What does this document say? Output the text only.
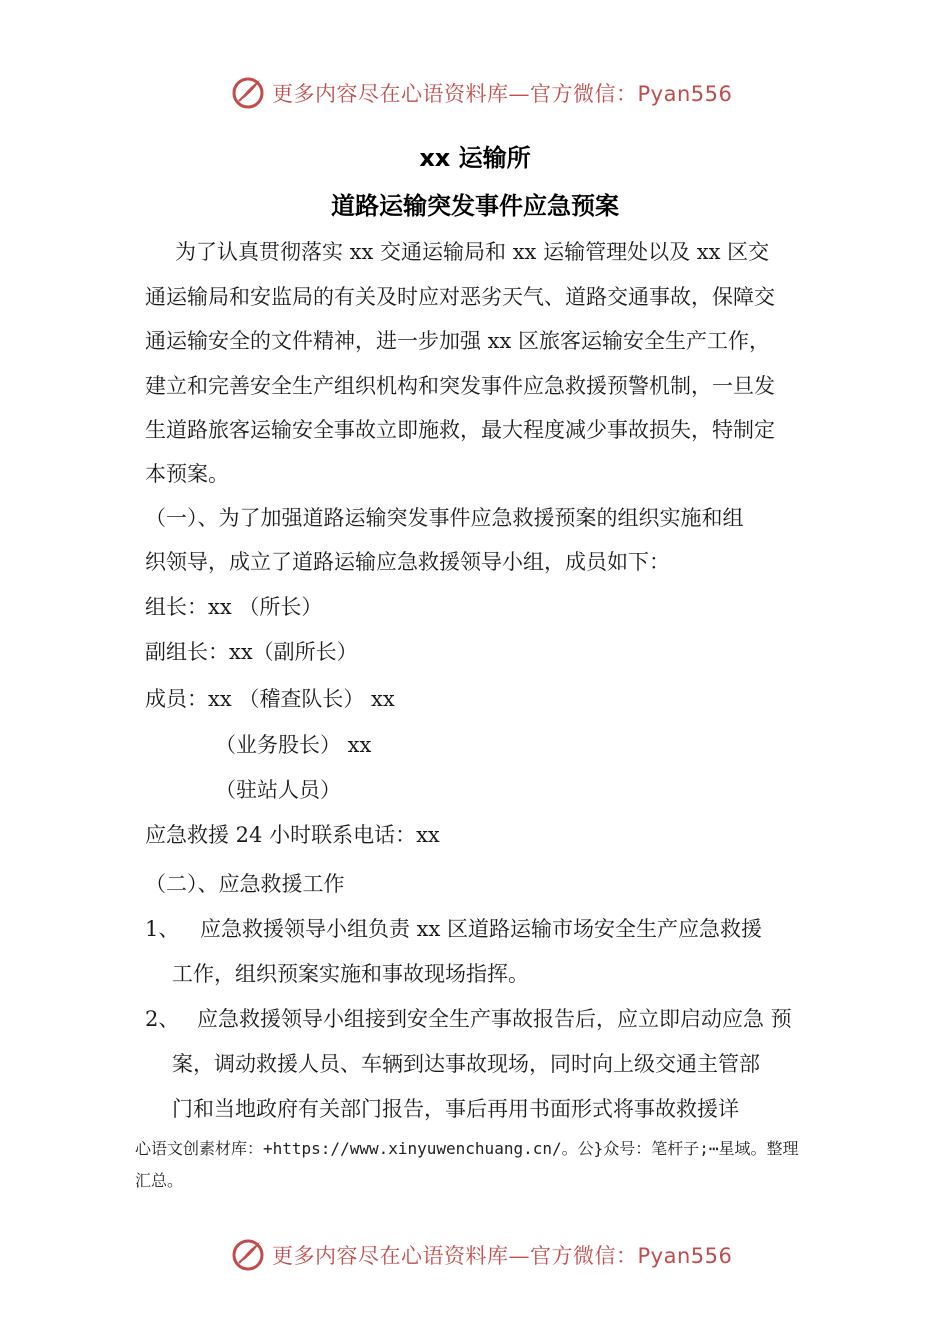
更多内容尽在心语资料库—官方微信：Pyan556
xx 运输所
道路运输突发事件应急预案
为了认真贯彻落实 xx 交通运输局和 xx 运输管理处以及 xx 区交
通运输局和安监局的有关及时应对恶劣天气、道路交通事故，保障交
通运输安全的文件精神，进一步加强 xx 区旅客运输安全生产工作，
建立和完善安全生产组织机构和突发事件应急救援预警机制，一旦发
生道路旅客运输安全事故立即施救，最大程度减少事故损失，特制定
本预案。
（一）、为了加强道路运输突发事件应急救援预案的组织实施和组
织领导，成立了道路运输应急救援领导小组，成员如下：
组长：xx （所长）
副组长：xx（副所长）
成员：xx （稽查队长） xx
（业务股长） xx
（驻站人员）
应急救援 24 小时联系电话：xx
（二）、应急救援工作
1、 应急救援领导小组负责 xx 区道路运输市场安全生产应急救援
工作，组织预案实施和事故现场指挥。
2、 应急救援领导小组接到安全生产事故报告后，应立即启动应急 预
案，调动救援人员、车辆到达事故现场，同时向上级交通主管部
门和当地政府有关部门报告，事后再用书面形式将事故救援详
心语文创素材库：+https://www.xinyuwenchuang.cn/。公}众号：笔杆子;⋯星域。整理
汇总。
更多内容尽在心语资料库—官方微信：Pyan556
